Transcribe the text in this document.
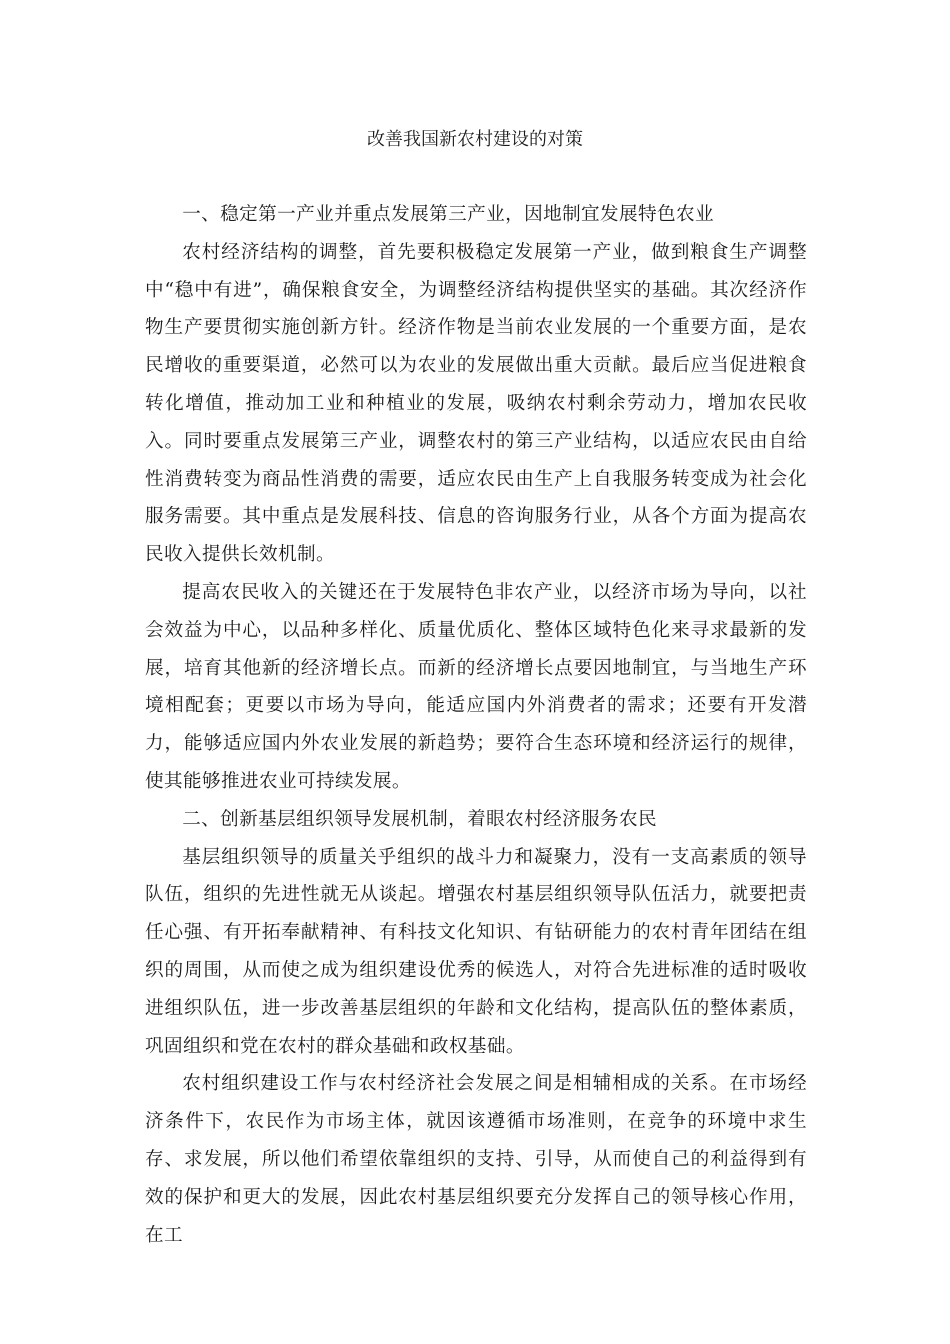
改善我国新农村建设的对策

一、稳定第一产业并重点发展第三产业，因地制宜发展特色农业

农村经济结构的调整，首先要积极稳定发展第一产业，做到粮食生产调整中“稳中有进”，确保粮食安全，为调整经济结构提供坚实的基础。其次经济作物生产要贯彻实施创新方针。经济作物是当前农业发展的一个重要方面，是农民增收的重要渠道，必然可以为农业的发展做出重大贡献。最后应当促进粮食转化增值，推动加工业和种植业的发展，吸纳农村剩余劳动力，增加农民收入。同时要重点发展第三产业，调整农村的第三产业结构，以适应农民由自给性消费转变为商品性消费的需要，适应农民由生产上自我服务转变成为社会化服务需要。其中重点是发展科技、信息的咨询服务行业，从各个方面为提高农民收入提供长效机制。

提高农民收入的关键还在于发展特色非农产业，以经济市场为导向，以社会效益为中心，以品种多样化、质量优质化、整体区域特色化来寻求最新的发展，培育其他新的经济增长点。而新的经济增长点要因地制宜，与当地生产环境相配套；更要以市场为导向，能适应国内外消费者的需求；还要有开发潜力，能够适应国内外农业发展的新趋势；要符合生态环境和经济运行的规律，使其能够推进农业可持续发展。

二、创新基层组织领导发展机制，着眼农村经济服务农民

基层组织领导的质量关乎组织的战斗力和凝聚力，没有一支高素质的领导队伍，组织的先进性就无从谈起。增强农村基层组织领导队伍活力，就要把责任心强、有开拓奉献精神、有科技文化知识、有钻研能力的农村青年团结在组织的周围，从而使之成为组织建设优秀的候选人，对符合先进标准的适时吸收进组织队伍，进一步改善基层组织的年龄和文化结构，提高队伍的整体素质，巩固组织和党在农村的群众基础和政权基础。

农村组织建设工作与农村经济社会发展之间是相辅相成的关系。在市场经济条件下，农民作为市场主体，就因该遵循市场准则，在竞争的环境中求生存、求发展，所以他们希望依靠组织的支持、引导，从而使自己的利益得到有效的保护和更大的发展，因此农村基层组织要充分发挥自己的领导核心作用，在工
